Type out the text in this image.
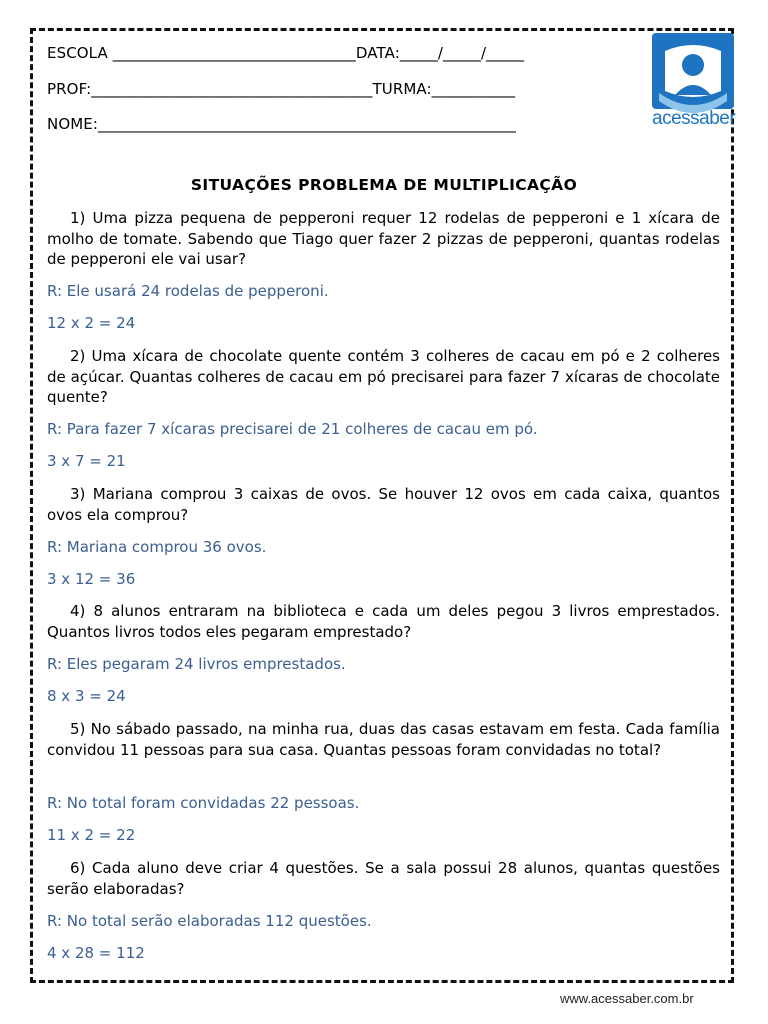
ESCOLA ________________________________DATA:_____/_____/_____
PROF:_____________________________________TURMA:___________
NOME:_______________________________________________________	acessaber
SITUAÇÕES PROBLEMA DE MULTIPLICAÇÃO
1) Uma pizza pequena de pepperoni requer 12 rodelas de pepperoni e 1 xícara de molho de tomate. Sabendo que Tiago quer fazer 2 pizzas de pepperoni, quantas rodelas de pepperoni ele vai usar?
R: Ele usará 24 rodelas de pepperoni.
12 x 2 = 24
2) Uma xícara de chocolate quente contém 3 colheres de cacau em pó e 2 colheres de açúcar. Quantas colheres de cacau em pó precisarei para fazer 7 xícaras de chocolate quente?
R: Para fazer 7 xícaras precisarei de 21 colheres de cacau em pó.
3 x 7 = 21
3) Mariana comprou 3 caixas de ovos. Se houver 12 ovos em cada caixa, quantos ovos ela comprou?
R: Mariana comprou 36 ovos.
3 x 12 = 36
4) 8 alunos entraram na biblioteca e cada um deles pegou 3 livros emprestados. Quantos livros todos eles pegaram emprestado?
R: Eles pegaram 24 livros emprestados.
8 x 3 = 24
5) No sábado passado, na minha rua, duas das casas estavam em festa. Cada família convidou 11 pessoas para sua casa. Quantas pessoas foram convidadas no total?
R: No total foram convidadas 22 pessoas.
11 x 2 = 22
6) Cada aluno deve criar 4 questões. Se a sala possui 28 alunos, quantas questões serão elaboradas?
R: No total serão elaboradas 112 questões.
4 x 28 = 112
www.acessaber.com.br
